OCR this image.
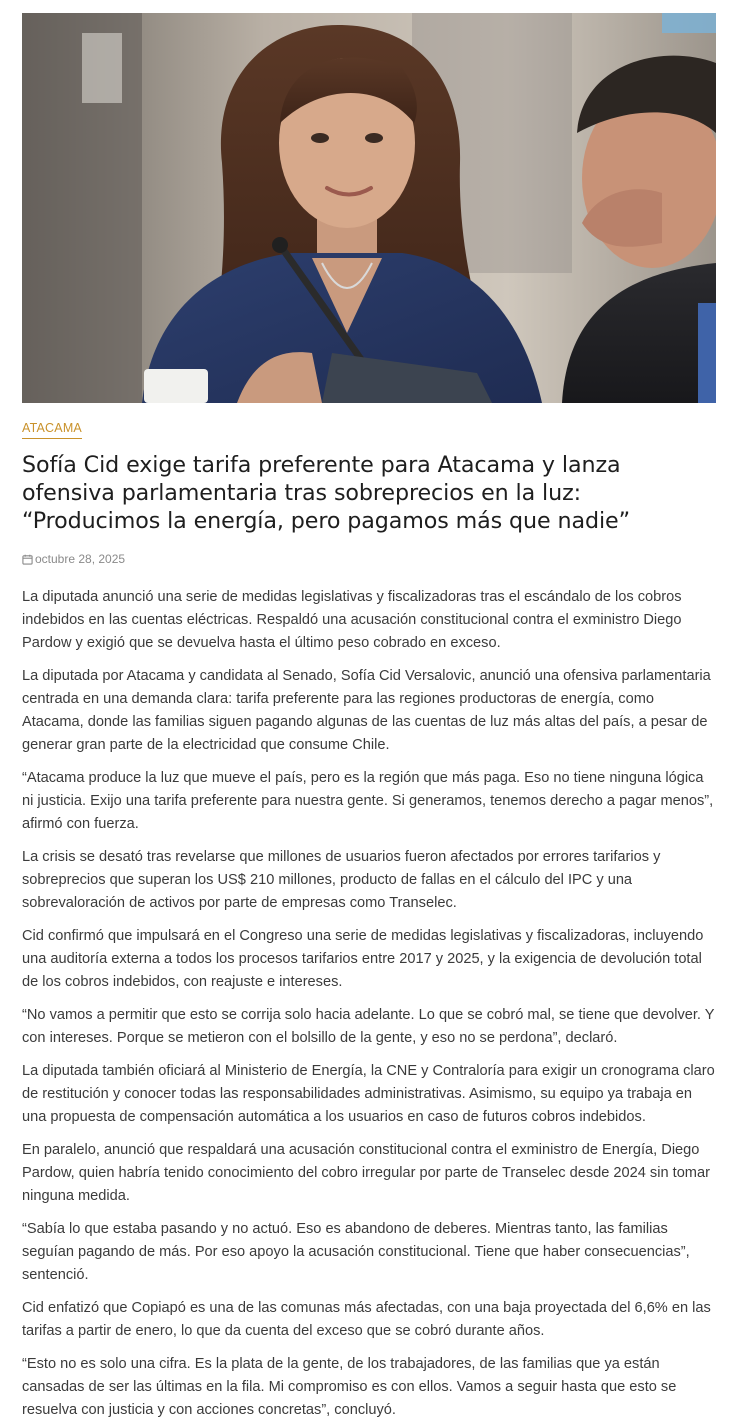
ATACAMA
Sofía Cid exige tarifa preferente para Atacama y lanza ofensiva parlamentaria tras sobreprecios en la luz: “Producimos la energía, pero pagamos más que nadie”
octubre 28, 2025

La diputada anunció una serie de medidas legislativas y fiscalizadoras tras el escándalo de los cobros indebidos en las cuentas eléctricas. Respaldó una acusación constitucional contra el exministro Diego Pardow y exigió que se devuelva hasta el último peso cobrado en exceso.

La diputada por Atacama y candidata al Senado, Sofía Cid Versalovic, anunció una ofensiva parlamentaria centrada en una demanda clara: tarifa preferente para las regiones productoras de energía, como Atacama, donde las familias siguen pagando algunas de las cuentas de luz más altas del país, a pesar de generar gran parte de la electricidad que consume Chile.

“Atacama produce la luz que mueve el país, pero es la región que más paga. Eso no tiene ninguna lógica ni justicia. Exijo una tarifa preferente para nuestra gente. Si generamos, tenemos derecho a pagar menos”, afirmó con fuerza.

La crisis se desató tras revelarse que millones de usuarios fueron afectados por errores tarifarios y sobreprecios que superan los US$ 210 millones, producto de fallas en el cálculo del IPC y una sobrevaloración de activos por parte de empresas como Transelec.

Cid confirmó que impulsará en el Congreso una serie de medidas legislativas y fiscalizadoras, incluyendo una auditoría externa a todos los procesos tarifarios entre 2017 y 2025, y la exigencia de devolución total de los cobros indebidos, con reajuste e intereses.

“No vamos a permitir que esto se corrija solo hacia adelante. Lo que se cobró mal, se tiene que devolver. Y con intereses. Porque se metieron con el bolsillo de la gente, y eso no se perdona”, declaró.

La diputada también oficiará al Ministerio de Energía, la CNE y Contraloría para exigir un cronograma claro de restitución y conocer todas las responsabilidades administrativas. Asimismo, su equipo ya trabaja en una propuesta de compensación automática a los usuarios en caso de futuros cobros indebidos.

En paralelo, anunció que respaldará una acusación constitucional contra el exministro de Energía, Diego Pardow, quien habría tenido conocimiento del cobro irregular por parte de Transelec desde 2024 sin tomar ninguna medida.

“Sabía lo que estaba pasando y no actuó. Eso es abandono de deberes. Mientras tanto, las familias seguían pagando de más. Por eso apoyo la acusación constitucional. Tiene que haber consecuencias”, sentenció.

Cid enfatizó que Copiapó es una de las comunas más afectadas, con una baja proyectada del 6,6% en las tarifas a partir de enero, lo que da cuenta del exceso que se cobró durante años.

“Esto no es solo una cifra. Es la plata de la gente, de los trabajadores, de las familias que ya están cansadas de ser las últimas en la fila. Mi compromiso es con ellos. Vamos a seguir hasta que esto se resuelva con justicia y con acciones concretas”, concluyó.
